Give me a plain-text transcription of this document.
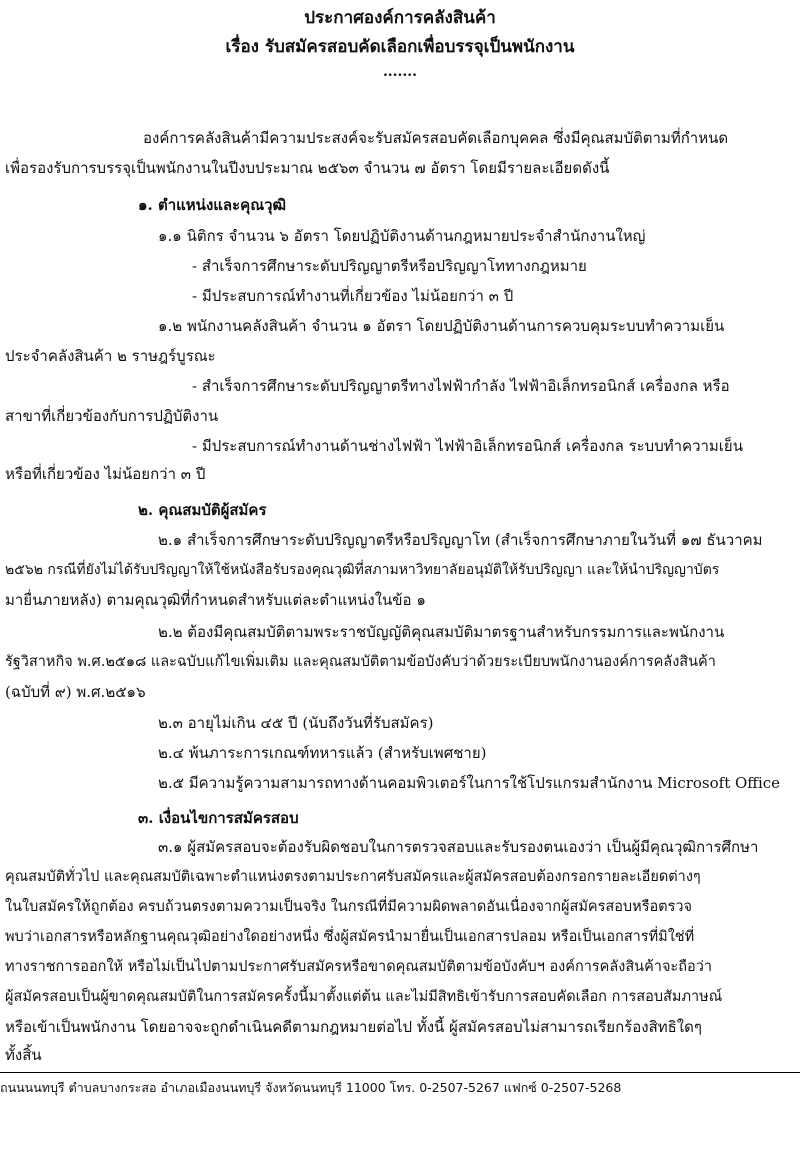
ประกาศองค์การคลังสินค้า
เรื่อง รับสมัครสอบคัดเลือกเพื่อบรรจุเป็นพนักงาน
.......
องค์การคลังสินค้ามีความประสงค์จะรับสมัครสอบคัดเลือกบุคคล ซึ่งมีคุณสมบัติตามที่กำหนด
เพื่อรองรับการบรรจุเป็นพนักงานในปีงบประมาณ ๒๕๖๓ จำนวน ๗ อัตรา โดยมีรายละเอียดดังนี้
๑. ตำแหน่งและคุณวุฒิ
๑.๑ นิติกร จำนวน ๖ อัตรา โดยปฏิบัติงานด้านกฎหมายประจำสำนักงานใหญ่
- สำเร็จการศึกษาระดับปริญญาตรีหรือปริญญาโททางกฎหมาย
- มีประสบการณ์ทำงานที่เกี่ยวข้อง ไม่น้อยกว่า ๓ ปี
๑.๒ พนักงานคลังสินค้า จำนวน ๑ อัตรา โดยปฏิบัติงานด้านการควบคุมระบบทำความเย็น
ประจำคลังสินค้า ๒ ราษฎร์บูรณะ
- สำเร็จการศึกษาระดับปริญญาตรีทางไฟฟ้ากำลัง ไฟฟ้าอิเล็กทรอนิกส์ เครื่องกล หรือ
สาขาที่เกี่ยวข้องกับการปฏิบัติงาน
- มีประสบการณ์ทำงานด้านช่างไฟฟ้า ไฟฟ้าอิเล็กทรอนิกส์ เครื่องกล ระบบทำความเย็น
หรือที่เกี่ยวข้อง ไม่น้อยกว่า ๓ ปี
๒. คุณสมบัติผู้สมัคร
๒.๑ สำเร็จการศึกษาระดับปริญญาตรีหรือปริญญาโท (สำเร็จการศึกษาภายในวันที่ ๑๗ ธันวาคม
๒๕๖๒ กรณีที่ยังไม่ได้รับปริญญาให้ใช้หนังสือรับรองคุณวุฒิที่สภามหาวิทยาลัยอนุมัติให้รับปริญญา และให้นำปริญญาบัตร
มายื่นภายหลัง) ตามคุณวุฒิที่กำหนดสำหรับแต่ละตำแหน่งในข้อ ๑
๒.๒ ต้องมีคุณสมบัติตามพระราชบัญญัติคุณสมบัติมาตรฐานสำหรับกรรมการและพนักงาน
รัฐวิสาหกิจ พ.ศ.๒๕๑๘ และฉบับแก้ไขเพิ่มเติม และคุณสมบัติตามข้อบังคับว่าด้วยระเบียบพนักงานองค์การคลังสินค้า
(ฉบับที่ ๙) พ.ศ.๒๕๑๖
๒.๓ อายุไม่เกิน ๔๕ ปี (นับถึงวันที่รับสมัคร)
๒.๔ พ้นภาระการเกณฑ์ทหารแล้ว (สำหรับเพศชาย)
๒.๕ มีความรู้ความสามารถทางด้านคอมพิวเตอร์ในการใช้โปรแกรมสำนักงาน Microsoft Office
๓. เงื่อนไขการสมัครสอบ
๓.๑ ผู้สมัครสอบจะต้องรับผิดชอบในการตรวจสอบและรับรองตนเองว่า เป็นผู้มีคุณวุฒิการศึกษา
คุณสมบัติทั่วไป และคุณสมบัติเฉพาะตำแหน่งตรงตามประกาศรับสมัครและผู้สมัครสอบต้องกรอกรายละเอียดต่างๆ
ในใบสมัครให้ถูกต้อง ครบถ้วนตรงตามความเป็นจริง ในกรณีที่มีความผิดพลาดอันเนื่องจากผู้สมัครสอบหรือตรวจ
พบว่าเอกสารหรือหลักฐานคุณวุฒิอย่างใดอย่างหนึ่ง ซึ่งผู้สมัครนำมายื่นเป็นเอกสารปลอม หรือเป็นเอกสารที่มิใช่ที่
ทางราชการออกให้ หรือไม่เป็นไปตามประกาศรับสมัครหรือขาดคุณสมบัติตามข้อบังคับฯ องค์การคลังสินค้าจะถือว่า
ผู้สมัครสอบเป็นผู้ขาดคุณสมบัติในการสมัครครั้งนี้มาตั้งแต่ต้น และไม่มีสิทธิเข้ารับการสอบคัดเลือก การสอบสัมภาษณ์
หรือเข้าเป็นพนักงาน โดยอาจจะถูกดำเนินคดีตามกฎหมายต่อไป ทั้งนี้ ผู้สมัครสอบไม่สามารถเรียกร้องสิทธิใดๆ
ทั้งสิ้น
ถนนนนทบุรี ตำบลบางกระสอ อำเภอเมืองนนทบุรี จังหวัดนนทบุรี 11000 โทร. 0-2507-5267 แฟกซ์ 0-2507-5268
